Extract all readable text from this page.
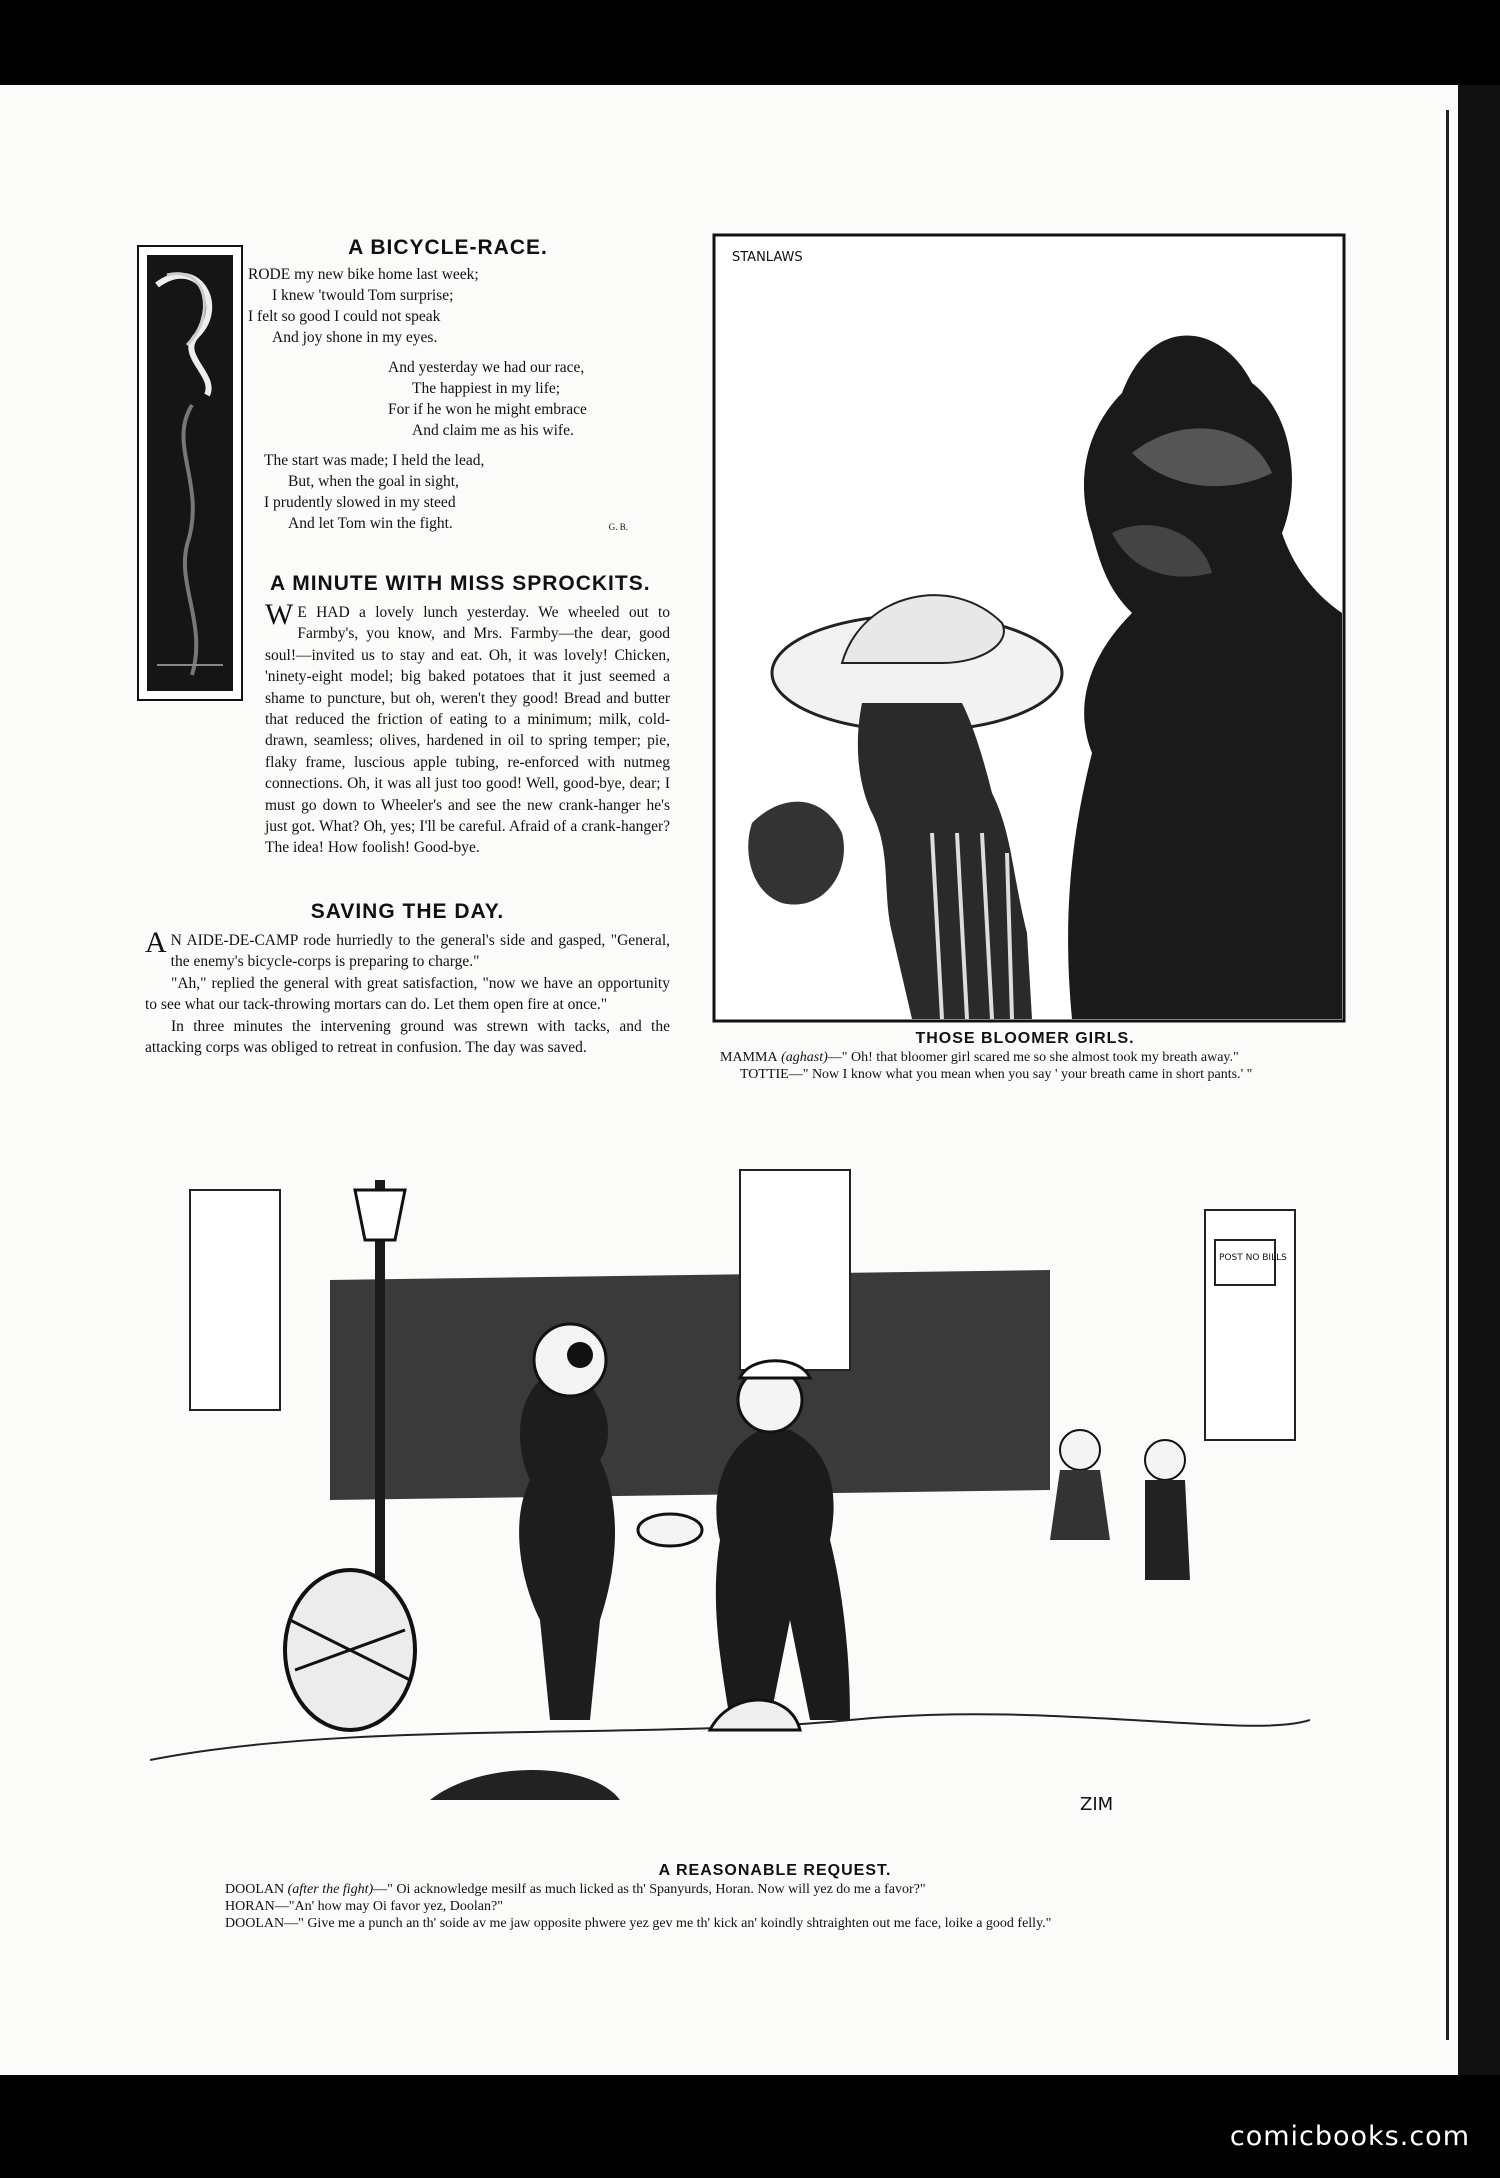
A BICYCLE-RACE.

RODE my new bike home last week;

I knew 'twould Tom surprise;

I felt so good I could not speak

And joy shone in my eyes.

And yesterday we had our race,

The happiest in my life;

For if he won he might embrace

And claim me as his wife.

The start was made; I held the lead,

But, when the goal in sight,

I prudently slowed in my steed

And let Tom win the fight.	G. B.

A MINUTE WITH MISS SPROCKITS.

W E HAD a lovely lunch yesterday. We wheeled out to Farmby's, you know, and Mrs. Farmby—the dear, good soul!—invited us to stay and eat. Oh, it was lovely! Chicken, 'ninety-eight model; big baked potatoes that it just seemed a shame to puncture, but oh, weren't they good! Bread and butter that reduced the friction of eating to a minimum; milk, cold-drawn, seamless; olives, hardened in oil to spring temper; pie, flaky frame, luscious apple tubing, re-enforced with nutmeg connections. Oh, it was all just too good! Well, good-bye, dear; I must go down to Wheeler's and see the new crank-hanger he's just got. What? Oh, yes; I'll be careful. Afraid of a crank-hanger? The idea! How foolish! Good-bye.

SAVING THE DAY.

A N AIDE-DE-CAMP rode hurriedly to the general's side and gasped, "General, the enemy's bicycle-corps is preparing to charge."

"Ah," replied the general with great satisfaction, "now we have an opportunity to see what our tack-throwing mortars can do. Let them open fire at once."

In three minutes the intervening ground was strewn with tacks, and the attacking corps was obliged to retreat in confusion. The day was saved.

STANLAWS
THOSE BLOOMER GIRLS.

MAMMA (aghast)—" Oh! that bloomer girl scared me so she almost took my breath away."

TOTTIE—" Now I know what you mean when you say ' your breath came in short pants.' "

POST NO BILLS
ZIM
A REASONABLE REQUEST.

DOOLAN (after the fight)—" Oi acknowledge mesilf as much licked as th' Spanyurds, Horan. Now will yez do me a favor?"

HORAN—"An' how may Oi favor yez, Doolan?"

DOOLAN—" Give me a punch an th' soide av me jaw opposite phwere yez gev me th' kick an' koindly shtraighten out me face, loike a good felly."

comicbooks.com
